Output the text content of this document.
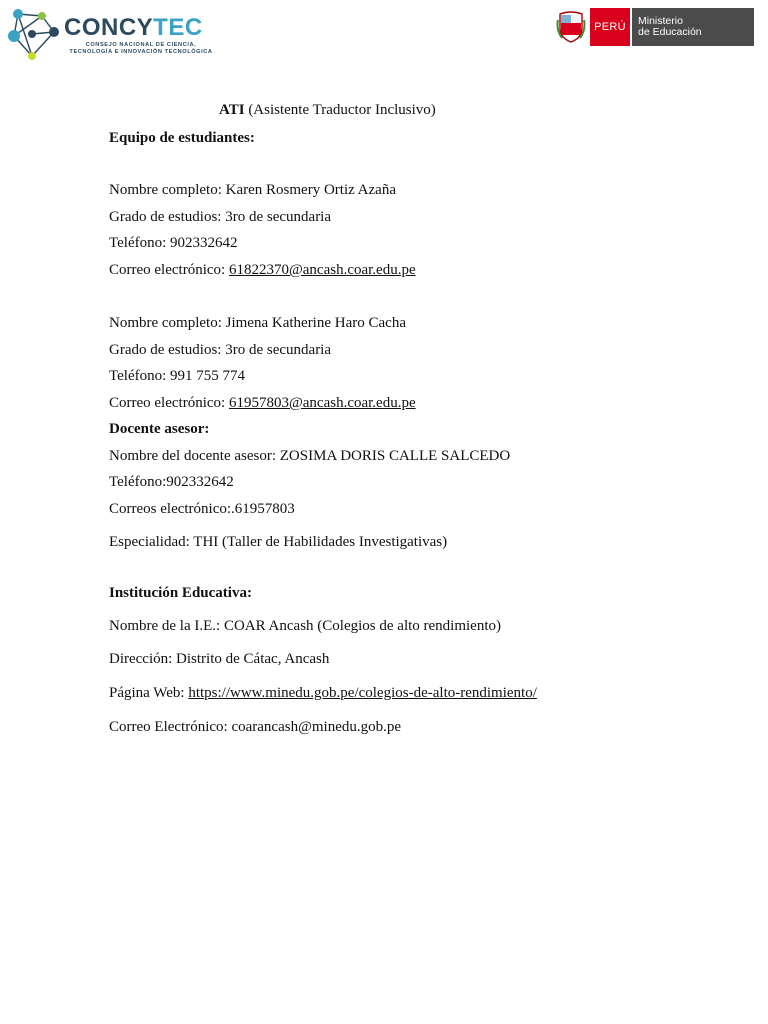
CONCYTEC
CONSEJO NACIONAL DE CIENCIA,
TECNOLOGÍA E INNOVACIÓN TECNOLÓGICA
PERÚ	Ministerio
de Educación
ATI (Asistente Traductor Inclusivo)
Equipo de estudiantes:
Nombre completo: Karen Rosmery Ortiz Azaña
Grado de estudios: 3ro de secundaria
Teléfono: 902332642
Correo electrónico: 61822370@ancash.coar.edu.pe
Nombre completo: Jimena Katherine Haro Cacha
Grado de estudios: 3ro de secundaria
Teléfono: 991 755 774
Correo electrónico: 61957803@ancash.coar.edu.pe
Docente asesor:
Nombre del docente asesor: ZOSIMA DORIS CALLE SALCEDO
Teléfono:902332642
Correos electrónico:.61957803
Especialidad: THI (Taller de Habilidades Investigativas)
Institución Educativa:
Nombre de la I.E.: COAR Ancash (Colegios de alto rendimiento)
Dirección: Distrito de Cátac, Ancash
Página Web: https://www.minedu.gob.pe/colegios-de-alto-rendimiento/
Correo Electrónico: coarancash@minedu.gob.pe
